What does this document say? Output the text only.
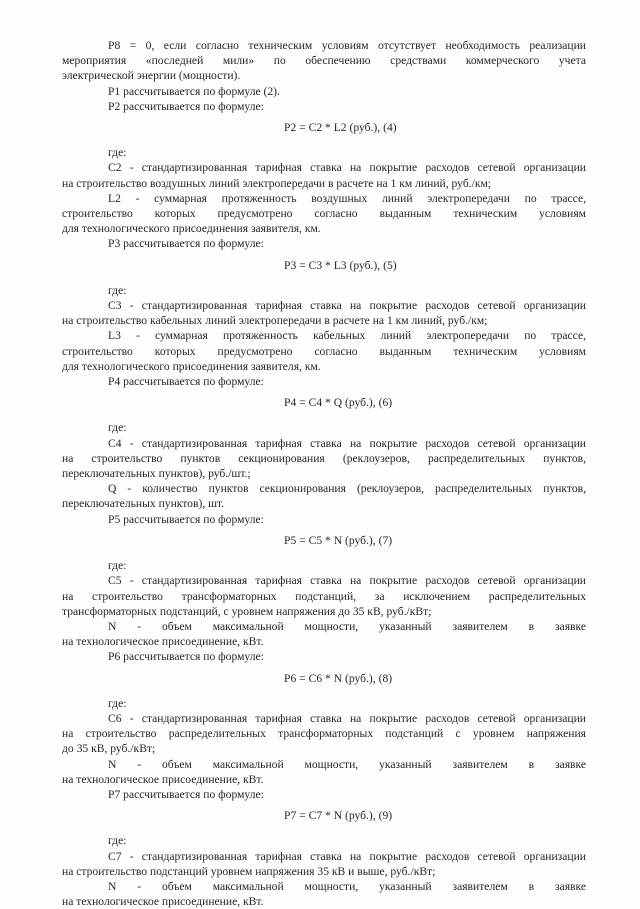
P8 = 0, если согласно техническим условиям отсутствует необходимость реализации

мероприятия «последней мили» по обеспечению средствами коммерческого учета

электрической энергии (мощности).

P1 рассчитывается по формуле (2).

P2 рассчитывается по формуле:

P2 = C2 * L2 (руб.), (4)

где:

C2 - стандартизированная тарифная ставка на покрытие расходов сетевой организации

на строительство воздушных линий электропередачи в расчете на 1 км линий, руб./км;

L2 - суммарная протяженность воздушных линий электропередачи по трассе,

строительство которых предусмотрено согласно выданным техническим условиям

для технологического присоединения заявителя, км.

P3 рассчитывается по формуле:

P3 = C3 * L3 (руб.), (5)

где:

C3 - стандартизированная тарифная ставка на покрытие расходов сетевой организации

на строительство кабельных линий электропередачи в расчете на 1 км линий, руб./км;

L3 - суммарная протяженность кабельных линий электропередачи по трассе,

строительство которых предусмотрено согласно выданным техническим условиям

для технологического присоединения заявителя, км.

P4 рассчитывается по формуле:

P4 = C4 * Q (руб.), (6)

где:

C4 - стандартизированная тарифная ставка на покрытие расходов сетевой организации

на строительство пунктов секционирования (реклоузеров, распределительных пунктов,

переключательных пунктов), руб./шт.;

Q - количество пунктов секционирования (реклоузеров, распределительных пунктов,

переключательных пунктов), шт.

P5 рассчитывается по формуле:

P5 = C5 * N (руб.), (7)

где:

C5 - стандартизированная тарифная ставка на покрытие расходов сетевой организации

на строительство трансформаторных подстанций, за исключением распределительных

трансформаторных подстанций, с уровнем напряжения до 35 кВ, руб./кВт;

N - объем максимальной мощности, указанный заявителем в заявке

на технологическое присоединение, кВт.

P6 рассчитывается по формуле:

P6 = C6 * N (руб.), (8)

где:

C6 - стандартизированная тарифная ставка на покрытие расходов сетевой организации

на строительство распределительных трансформаторных подстанций с уровнем напряжения

до 35 кВ, руб./кВт;

N - объем максимальной мощности, указанный заявителем в заявке

на технологическое присоединение, кВт.

P7 рассчитывается по формуле:

P7 = C7 * N (руб.), (9)

где:

C7 - стандартизированная тарифная ставка на покрытие расходов сетевой организации

на строительство подстанций уровнем напряжения 35 кВ и выше, руб./кВт;

N - объем максимальной мощности, указанный заявителем в заявке

на технологическое присоединение, кВт.
